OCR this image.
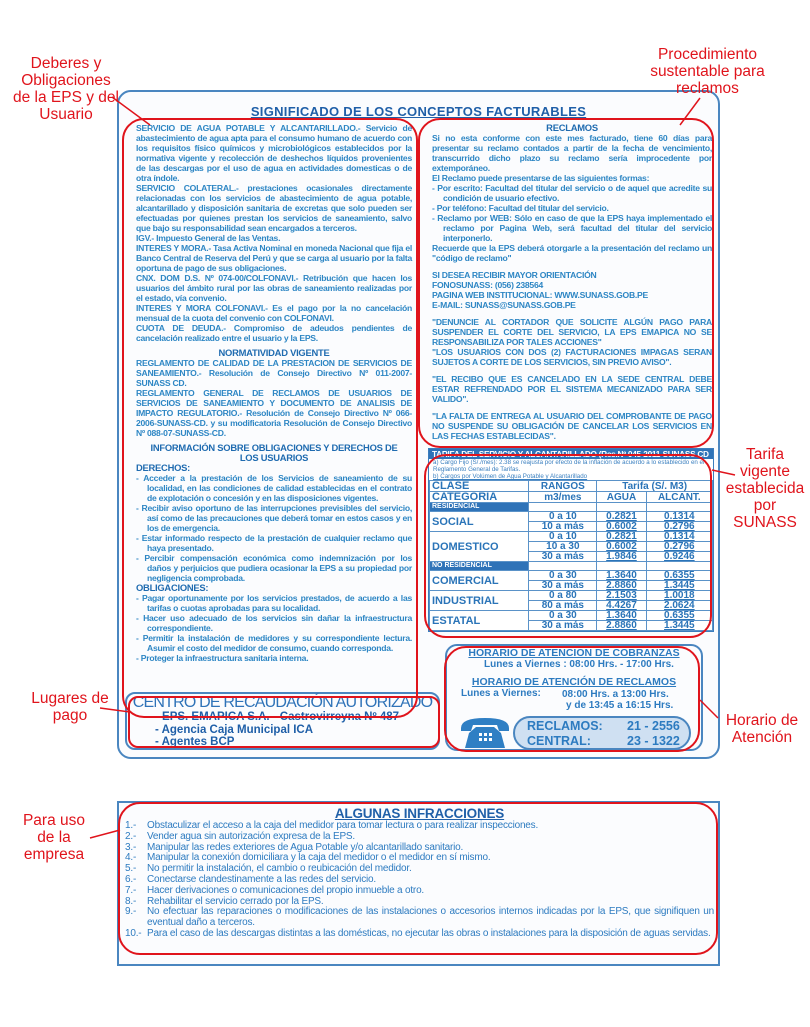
SIGNIFICADO DE LOS CONCEPTOS FACTURABLES

SERVICIO DE AGUA POTABLE Y ALCANTARILLADO.- Servicio de abastecimiento de agua apta para el consumo humano de acuerdo con los requisitos físico químicos y microbiológicos establecidos por la normativa vigente y recolección de deshechos líquidos provenientes de las descargas por el uso de agua en actividades domesticas o de otra índole.

SERVICIO COLATERAL.- prestaciones ocasionales directamente relacionadas con los servicios de abastecimiento de agua potable, alcantarillado y disposición sanitaria de excretas que solo pueden ser efectuadas por quienes prestan los servicios de saneamiento, salvo que bajo su responsabilidad sean encargados a terceros.

IGV.- Impuesto General de las Ventas.

INTERES Y MORA.- Tasa Activa Nominal en moneda Nacional que fija el Banco Central de Reserva del Perú y que se carga al usuario por la falta oportuna de pago de sus obligaciones.

CNX. DOM D.S. Nº 074-00/COLFONAVI.- Retribución que hacen los usuarios del ámbito rural por las obras de saneamiento realizadas por el estado, vía convenio.

INTERES Y MORA COLFONAVI.- Es el pago por la no cancelación mensual de la cuota del convenio con COLFONAVI.

CUOTA DE DEUDA.- Compromiso de adeudos pendientes de cancelación realizado entre el usuario y la EPS.

NORMATIVIDAD VIGENTE

REGLAMENTO DE CALIDAD DE LA PRESTACION DE SERVICIOS DE SANEAMIENTO.- Resolución de Consejo Directivo Nº 011-2007-SUNASS CD.

REGLAMENTO GENERAL DE RECLAMOS DE USUARIOS DE SERVICIOS DE SANEAMIENTO Y DOCUMENTO DE ANALISIS DE IMPACTO REGULATORIO.- Resolución de Consejo Directivo Nº 066-2006-SUNASS-CD. y su modificatoria Resolución de Consejo Directivo Nº 088-07-SUNASS-CD.

INFORMACIÓN SOBRE OBLIGACIONES Y DERECHOS DE LOS USUARIOS

DERECHOS:

- Acceder a la prestación de los Servicios de saneamiento de su localidad, en las condiciones de calidad establecidas en el contrato de explotación o concesión y en las disposiciones vigentes.
- Recibir aviso oportuno de las interrupciones previsibles del servicio, así como de las precauciones que deberá tomar en estos casos y en los de emergencia.
- Estar informado respecto de la prestación de cualquier reclamo que haya presentado.
- Percibir compensación económica como indemnización por los daños y perjuicios que pudiera ocasionar la EPS a su propiedad por negligencia comprobada.

OBLIGACIONES:

- Pagar oportunamente por los servicios prestados, de acuerdo a las tarifas o cuotas aprobadas para su localidad.
- Hacer uso adecuado de los servicios sin dañar la infraestructura correspondiente.
- Permitir la instalación de medidores y su correspondiente lectura. Asumir el costo del medidor de consumo, cuando corresponda.
- Proteger la infraestructura sanitaria interna.

RECLAMOS

Si no esta conforme con este mes facturado, tiene 60 días para presentar su reclamo contados a partir de la fecha de vencimiento, transcurrido dicho plazo su reclamo sería improcedente por extemporáneo.

El Reclamo puede presentarse de las siguientes formas:

- Por escrito: Facultad del titular del servicio o de aquel que acredite su condición de usuario efectivo.
- Por teléfono: Facultad del titular del servicio.
- Reclamo por WEB: Sólo en caso de que la EPS haya implementado el reclamo por Pagina Web, será facultad del titular del servicio interponerlo.

Recuerde que la EPS deberá otorgarle a la presentación del reclamo un "código de reclamo"

SI DESEA RECIBIR MAYOR ORIENTACIÓN

FONOSUNASS: (056) 238564

PAGINA WEB INSTITUCIONAL: WWW.SUNASS.GOB.PE

E-MAIL: SUNASS@SUNASS.GOB.PE

"DENUNCIE AL CORTADOR QUE SOLICITE ALGÚN PAGO PARA SUSPENDER EL CORTE DEL SERVICIO, LA EPS EMAPICA NO SE RESPONSABILIZA POR TALES ACCIONES"

"LOS USUARIOS CON DOS (2) FACTURACIONES IMPAGAS SERAN SUJETOS A CORTE DE LOS SERVICIOS, SIN PREVIO AVISO".

"EL RECIBO QUE ES CANCELADO EN LA SEDE CENTRAL DEBE ESTAR REFRENDADO POR EL SISTEMA MECANIZADO PARA SER VALIDO".

"LA FALTA DE ENTREGA AL USUARIO DEL COMPROBANTE DE PAGO NO SUSPENDE SU OBLIGACIÓN DE CANCELAR LOS SERVICIOS EN LAS FECHAS ESTABLECIDAS".

TARIFA DEL SERVICIO Y ALCANTARILLADO (Res.Nº 045-2011-SUNASS.CD
a) Cargo Fijo (S/./mes): 2.38 se reajusta por efecto de la inflación de acuerdo a lo establecido en el Reglamento General de Tarifas.
b) Cargos por Volúmen de Agua Potable y Alcantarillado
CLASE	RANGOS	Tarifa (S/. M3)	
CATEGORIA	m3/mes	AGUA	ALCANT.
RESIDENCIAL			
SOCIAL	0 a 10	0.2821	0.1314
	10 a más	0.6002	0.2796
DOMESTICO	0 a 10	0.2821	0.1314
	10 a 30	0.6002	0.2796
	30 a más	1.9846	0.9246
NO RESIDENCIAL			
COMERCIAL	0 a 30	1.3640	0.6355
	30 a más	2.8860	1.3445
INDUSTRIAL	0 a 80	2.1503	1.0018
	80 a más	4.4267	2.0624
ESTATAL	0 a 30	1.3640	0.6355
	30 a más	2.8860	1.3445
CENTRO DE RECAUDACIÓN AUTORIZADO
- EPS. EMAPICA S.A. - Castrovirreyna Nº 487
- Agencia Caja Municipal ICA
- Agentes BCP
HORARIO DE ATENCION DE COBRANZAS
Lunes a Viernes : 08:00 Hrs. - 17:00 Hrs.
HORARIO DE ATENCIÓN DE RECLAMOS
Lunes a Viernes: 08:00 Hrs. a 13:00 Hrs.
y de 13:45 a 16:15 Hrs.
RECLAMOS: 21 - 2556
CENTRAL:	23 - 1322
ALGUNAS INFRACCIONES
1.-	Obstaculizar el acceso a la caja del medidor para tomar lectura o para realizar inspecciones.
2.-	Vender agua sin autorización expresa de la EPS.
3.-	Manipular las redes exteriores de Agua Potable y/o alcantarillado sanitario.
4.-	Manipular la conexión domiciliara y la caja del medidor o el medidor en sí mismo.
5.-	No permitir la instalación, el cambio o reubicación del medidor.
6.-	Conectarse clandestinamente a las redes del servicio.
7.-	Hacer derivaciones o comunicaciones del propio inmueble a otro.
8.-	Rehabilitar el servicio cerrado por la EPS.
9.-	No efectuar las reparaciones o modificaciones de las instalaciones o accesorios internos indicadas por la EPS, que signifiquen un eventual daño a terceros.
10.- Para el caso de las descargas distintas a las domésticas, no ejecutar las obras o instalaciones para la disposición de aguas servidas.
Deberes y Obligaciones de la EPS y del Usuario
Procedimiento sustentable para reclamos
Tarifa vigente establecida por SUNASS
Lugares de pago	Horario de Atención
Para uso de la empresa
